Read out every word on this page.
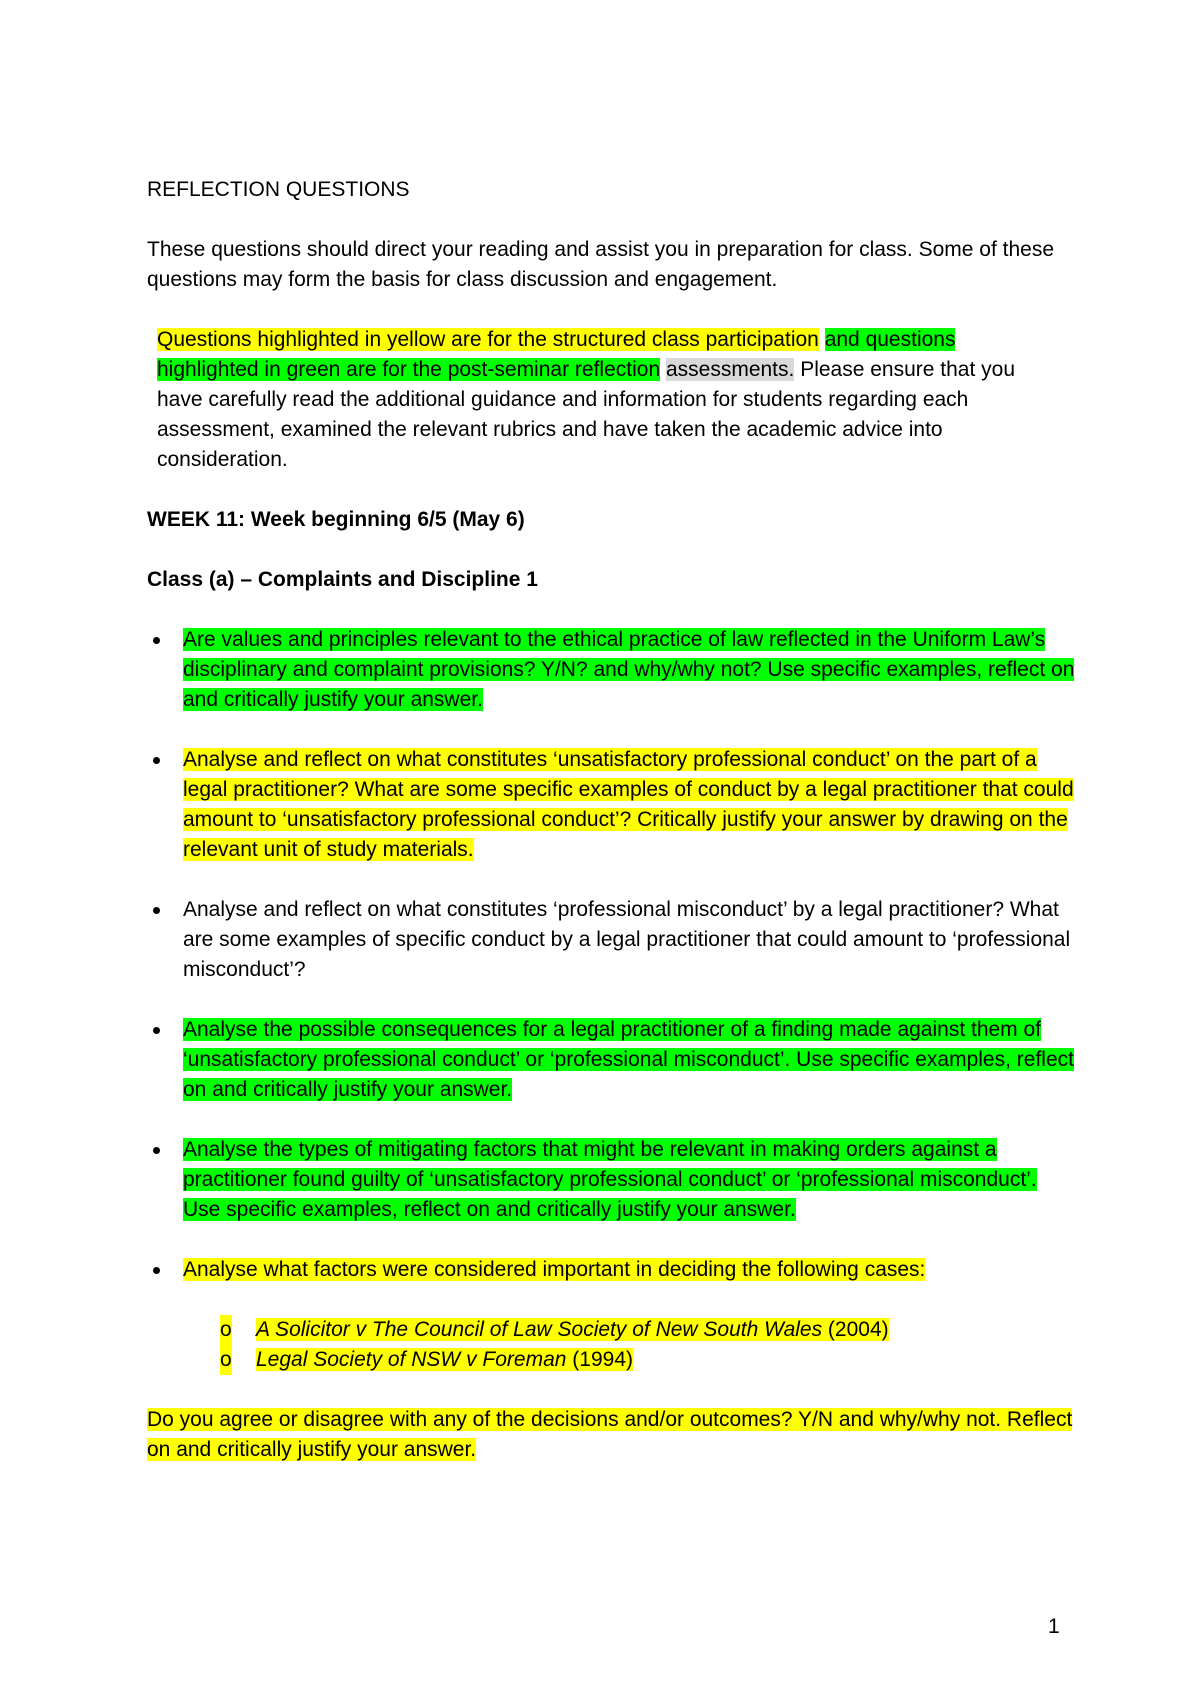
REFLECTION QUESTIONS

These questions should direct your reading and assist you in preparation for class. Some of these questions may form the basis for class discussion and engagement.

Questions highlighted in yellow are for the structured class participation and questions highlighted in green are for the post-seminar reflection assessments. Please ensure that you have carefully read the additional guidance and information for students regarding each assessment, examined the relevant rubrics and have taken the academic advice into consideration.

WEEK 11: Week beginning 6/5 (May 6)

Class (a) – Complaints and Discipline 1

Are values and principles relevant to the ethical practice of law reflected in the Uniform Law’s disciplinary and complaint provisions? Y/N? and why/why not? Use specific examples, reflect on and critically justify your answer.
Analyse and reflect on what constitutes ‘unsatisfactory professional conduct’ on the part of a legal practitioner? What are some specific examples of conduct by a legal practitioner that could amount to ‘unsatisfactory professional conduct’? Critically justify your answer by drawing on the relevant unit of study materials.
Analyse and reflect on what constitutes ‘professional misconduct’ by a legal practitioner? What are some examples of specific conduct by a legal practitioner that could amount to ‘professional misconduct’?
Analyse the possible consequences for a legal practitioner of a finding made against them of ‘unsatisfactory professional conduct’ or ‘professional misconduct’. Use specific examples, reflect on and critically justify your answer.
Analyse the types of mitigating factors that might be relevant in making orders against a practitioner found guilty of ‘unsatisfactory professional conduct’ or ‘professional misconduct’. Use specific examples, reflect on and critically justify your answer.
Analyse what factors were considered important in deciding the following cases:
o A Solicitor v The Council of Law Society of New South Wales (2004)
o Legal Society of NSW v Foreman (1994)

Do you agree or disagree with any of the decisions and/or outcomes? Y/N and why/why not. Reflect on and critically justify your answer.

1
